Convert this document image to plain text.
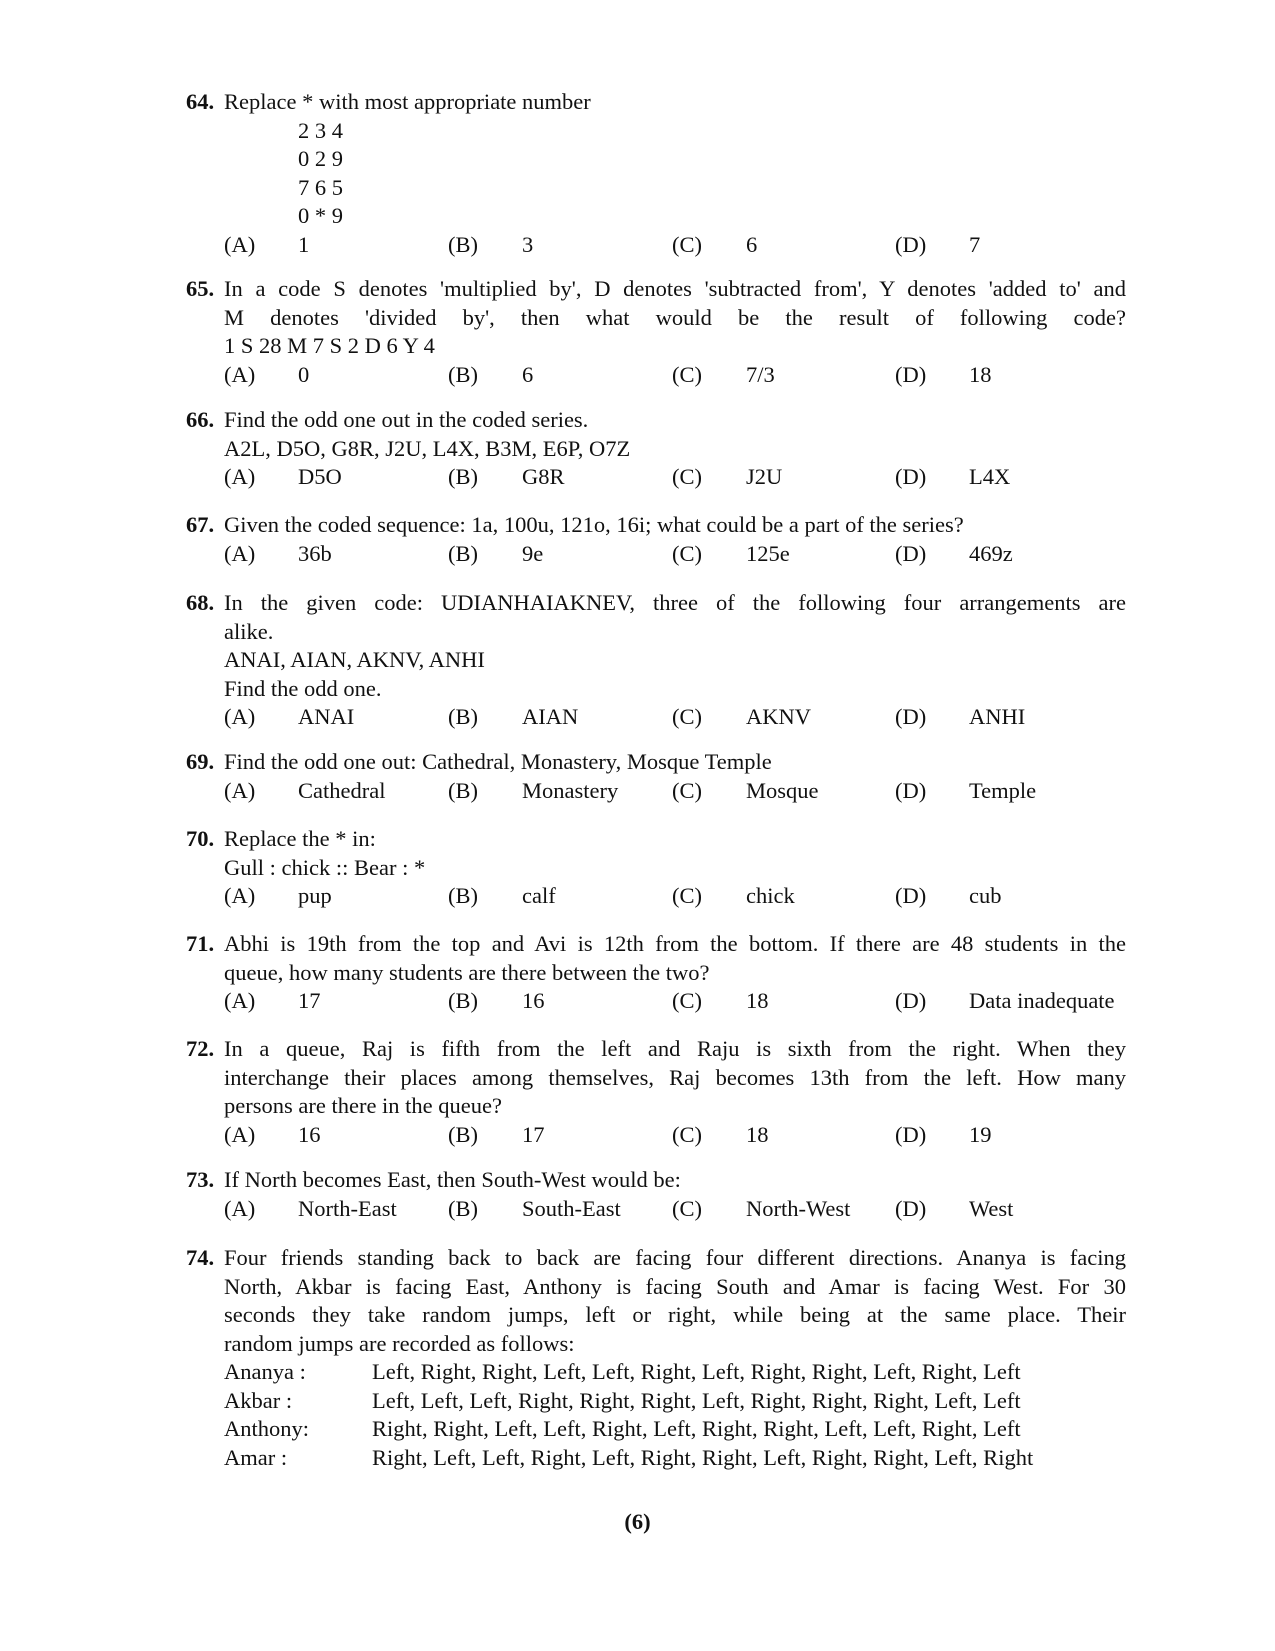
64. Replace * with most appropriate number
2 3 4
0 2 9
7 6 5
0 * 9
(A) 1	(B) 3	(C) 6	(D) 7
65. In a code S denotes 'multiplied by', D denotes 'subtracted from', Y denotes 'added to' and
M denotes 'divided by', then what would be the result of following code?
1 S 28 M 7 S 2 D 6 Y 4
(A) 0	(B) 6	(C) 7/3	(D) 18
66. Find the odd one out in the coded series.
A2L, D5O, G8R, J2U, L4X, B3M, E6P, O7Z
(A) D5O	(B) G8R	(C) J2U	(D) L4X
67. Given the coded sequence: 1a, 100u, 121o, 16i; what could be a part of the series?
(A) 36b	(B) 9e	(C) 125e	(D) 469z
68. In the given code: UDIANHAIAKNEV, three of the following four arrangements are
alike.
ANAI, AIAN, AKNV, ANHI
Find the odd one.
(A) ANAI	(B) AIAN	(C) AKNV	(D) ANHI
69. Find the odd one out: Cathedral, Monastery, Mosque Temple
(A) Cathedral	(B) Monastery (C) Mosque	(D) Temple
70. Replace the * in:
Gull : chick :: Bear : *
(A) pup	(B) calf	(C) chick	(D) cub
71. Abhi is 19th from the top and Avi is 12th from the bottom. If there are 48 students in the
queue, how many students are there between the two?
(A) 17	(B) 16	(C) 18	(D) Data inadequate
72. In a queue, Raj is fifth from the left and Raju is sixth from the right. When they
interchange their places among themselves, Raj becomes 13th from the left. How many
persons are there in the queue?
(A) 16	(B) 17	(C) 18	(D) 19
73. If North becomes East, then South-West would be:
(A) North-East (B) South-East (C) North-West (D) West
74. Four friends standing back to back are facing four different directions. Ananya is facing
North, Akbar is facing East, Anthony is facing South and Amar is facing West. For 30
seconds they take random jumps, left or right, while being at the same place. Their
random jumps are recorded as follows:
Ananya :	Left, Right, Right, Left, Left, Right, Left, Right, Right, Left, Right, Left
Akbar :	Left, Left, Left, Right, Right, Right, Left, Right, Right, Right, Left, Left
Anthony:	Right, Right, Left, Left, Right, Left, Right, Right, Left, Left, Right, Left
Amar :	Right, Left, Left, Right, Left, Right, Right, Left, Right, Right, Left, Right
(6)
